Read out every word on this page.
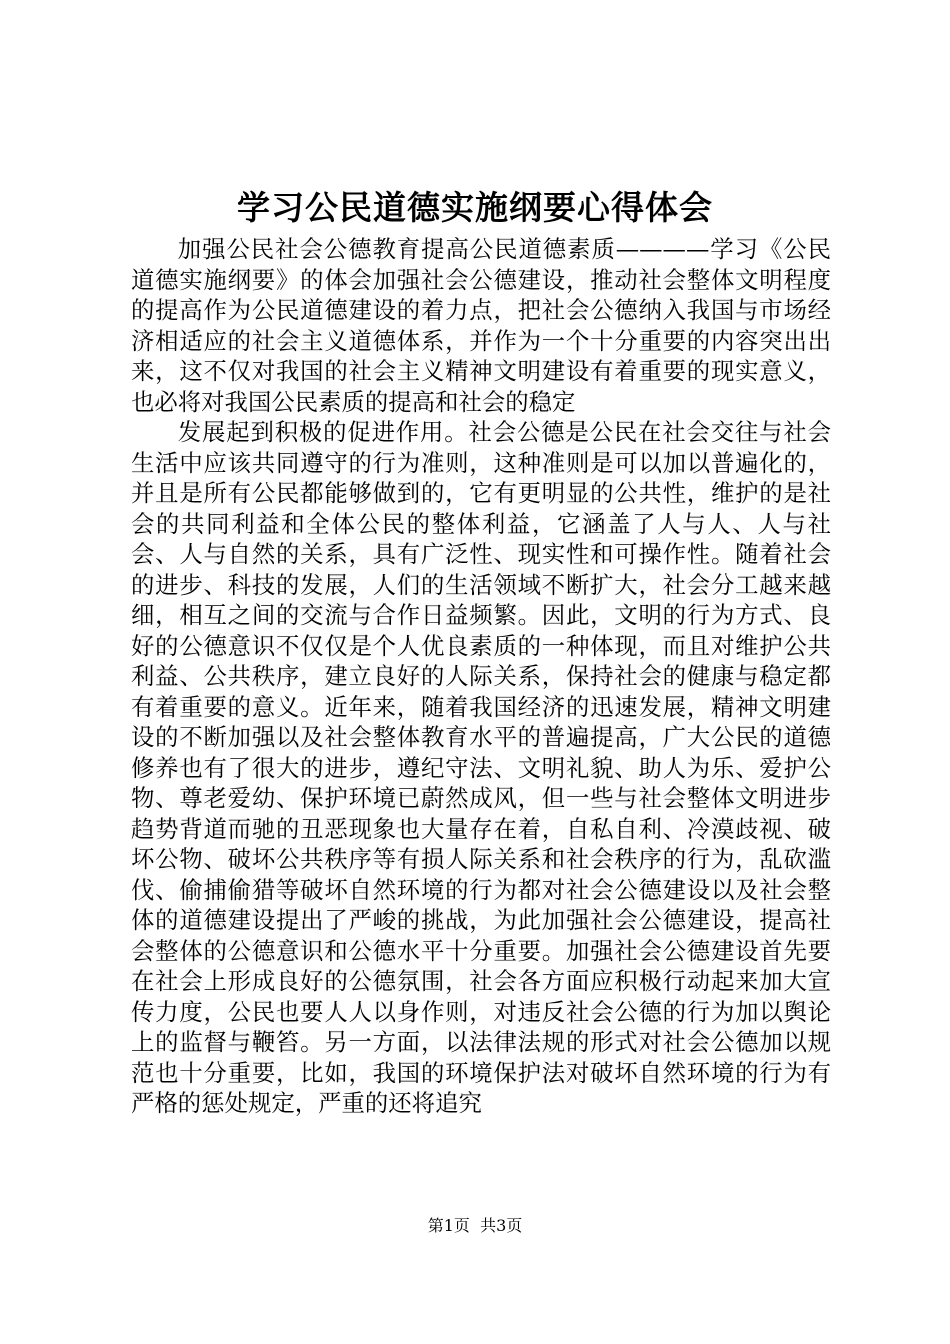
学习公民道德实施纲要心得体会

加强公民社会公德教育提高公民道德素质————学习《公民道德实施纲要》的体会加强社会公德建设，推动社会整体文明程度的提高作为公民道德建设的着力点，把社会公德纳入我国与市场经济相适应的社会主义道德体系，并作为一个十分重要的内容突出出来，这不仅对我国的社会主义精神文明建设有着重要的现实意义，也必将对我国公民素质的提高和社会的稳定

发展起到积极的促进作用。社会公德是公民在社会交往与社会生活中应该共同遵守的行为准则，这种准则是可以加以普遍化的，并且是所有公民都能够做到的，它有更明显的公共性，维护的是社会的共同利益和全体公民的整体利益，它涵盖了人与人、人与社会、人与自然的关系，具有广泛性、现实性和可操作性。随着社会的进步、科技的发展，人们的生活领域不断扩大，社会分工越来越细，相互之间的交流与合作日益频繁。因此，文明的行为方式、良好的公德意识不仅仅是个人优良素质的一种体现，而且对维护公共利益、公共秩序，建立良好的人际关系，保持社会的健康与稳定都有着重要的意义。近年来，随着我国经济的迅速发展，精神文明建设的不断加强以及社会整体教育水平的普遍提高，广大公民的道德修养也有了很大的进步，遵纪守法、文明礼貌、助人为乐、爱护公物、尊老爱幼、保护环境已蔚然成风，但一些与社会整体文明进步趋势背道而驰的丑恶现象也大量存在着，自私自利、冷漠歧视、破坏公物、破坏公共秩序等有损人际关系和社会秩序的行为，乱砍滥伐、偷捕偷猎等破坏自然环境的行为都对社会公德建设以及社会整体的道德建设提出了严峻的挑战，为此加强社会公德建设，提高社会整体的公德意识和公德水平十分重要。加强社会公德建设首先要在社会上形成良好的公德氛围，社会各方面应积极行动起来加大宣传力度，公民也要人人以身作则，对违反社会公德的行为加以舆论上的监督与鞭笞。另一方面，以法律法规的形式对社会公德加以规范也十分重要，比如，我国的环境保护法对破坏自然环境的行为有严格的惩处规定，严重的还将追究

第1页  共3页
